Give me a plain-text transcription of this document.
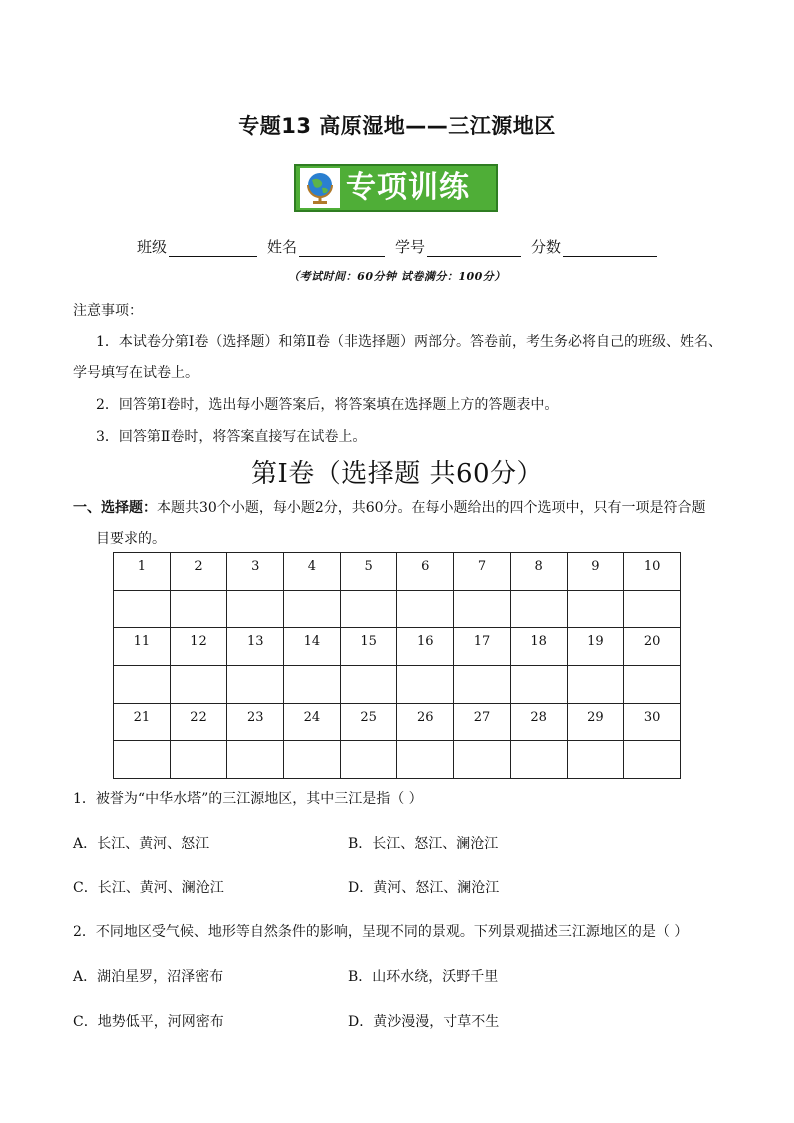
专题13 高原湿地——三江源地区
专项训练
班级	姓名	学号	分数
（考试时间：60分钟 试卷满分：100分）
注意事项：
1．本试卷分第Ⅰ卷（选择题）和第Ⅱ卷（非选择题）两部分。答卷前，考生务必将自己的班级、姓名、
学号填写在试卷上。
2．回答第Ⅰ卷时，选出每小题答案后，将答案填在选择题上方的答题表中。
3．回答第Ⅱ卷时，将答案直接写在试卷上。
第Ⅰ卷（选择题 共60分）
一、选择题：本题共30个小题，每小题2分，共60分。在每小题给出的四个选项中，只有一项是符合题
目要求的。
1	2	3	4	5	6	7	8	9	10

11	12	13	14	15	16	17	18	19	20

21	22	23	24	25	26	27	28	29	30

1．被誉为“中华水塔”的三江源地区，其中三江是指（ ）
A．长江、黄河、怒江	B．长江、怒江、澜沧江
C．长江、黄河、澜沧江	D．黄河、怒江、澜沧江
2．不同地区受气候、地形等自然条件的影响，呈现不同的景观。下列景观描述三江源地区的是（ ）
A．湖泊星罗，沼泽密布	B．山环水绕，沃野千里
C．地势低平，河网密布	D．黄沙漫漫，寸草不生
